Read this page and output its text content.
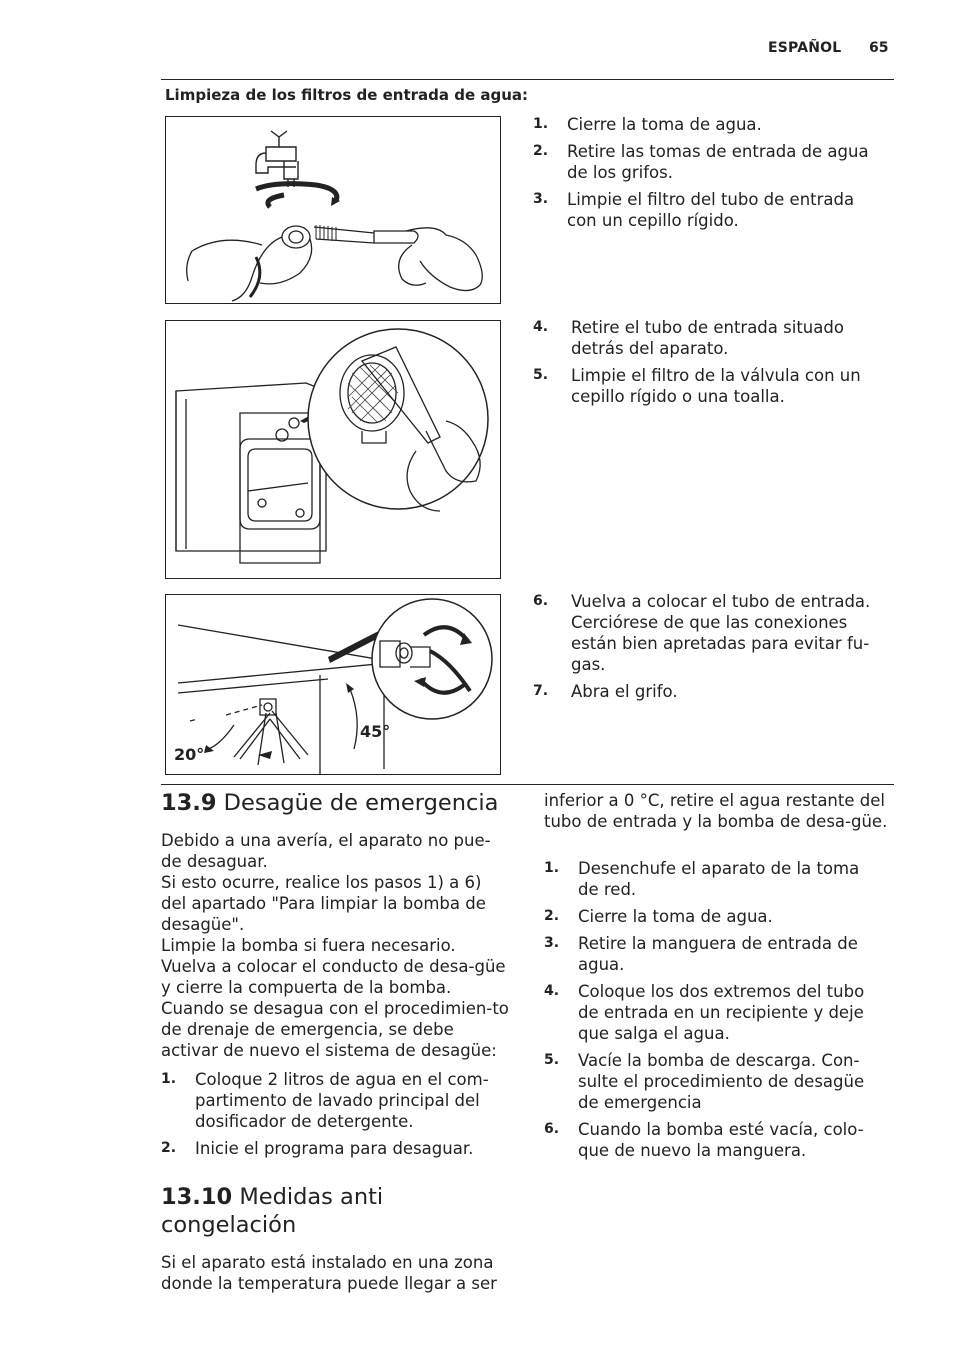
ESPAÑOL 65
Limpieza de los filtros de entrada de agua:
1. Cierre la toma de agua.
2. Retire las tomas de entrada de agua de los grifos.
3. Limpie el filtro del tubo de entrada con un cepillo rígido.
4. Retire el tubo de entrada situado detrás del aparato.
5. Limpie el filtro de la válvula con un cepillo rígido o una toalla.
20°
45°
6. Vuelva a colocar el tubo de entrada. Cerciórese de que las conexiones están bien apretadas para evitar fu-gas.
7. Abra el grifo.
13.9 Desagüe de emergencia

Debido a una avería, el aparato no pue-de desaguar.

Si esto ocurre, realice los pasos 1) a 6) del apartado "Para limpiar la bomba de desagüe".

Limpie la bomba si fuera necesario.

Vuelva a colocar el conducto de desa-güe y cierre la compuerta de la bomba.

Cuando se desagua con el procedimien-to de drenaje de emergencia, se debe activar de nuevo el sistema de desagüe:

1. Coloque 2 litros de agua en el com-partimento de lavado principal del dosificador de detergente.
2. Inicie el programa para desaguar.
13.10 Medidas anti congelación
Si el aparato está instalado en una zona donde la temperatura puede llegar a ser
inferior a 0 °C, retire el agua restante del tubo de entrada y la bomba de desa-güe.
1. Desenchufe el aparato de la toma de red.
2. Cierre la toma de agua.
3. Retire la manguera de entrada de agua.
4. Coloque los dos extremos del tubo de entrada en un recipiente y deje que salga el agua.
5. Vacíe la bomba de descarga. Con-sulte el procedimiento de desagüe de emergencia
6. Cuando la bomba esté vacía, colo-que de nuevo la manguera.
